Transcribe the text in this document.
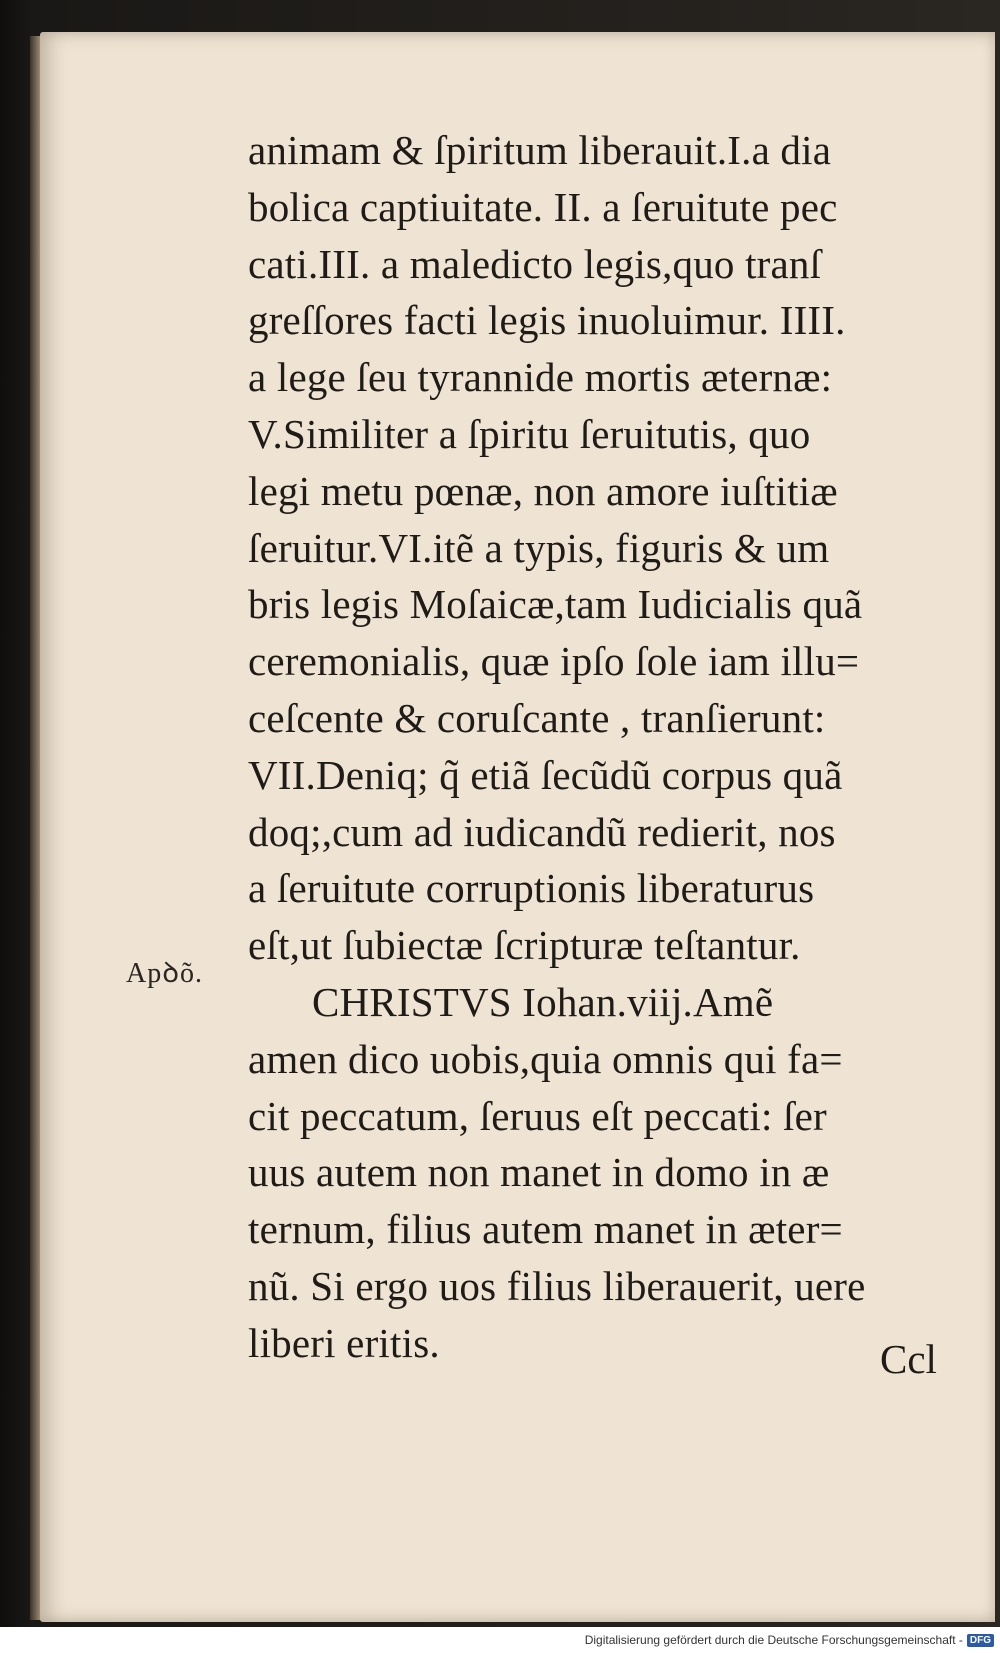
animam & ſpiritum liberauit.I.a dia
bolica captiuitate. II. a ſeruitute pec
cati.III. a maledicto legis,quo tranſ
greſſores facti legis inuoluimur. IIII.
a lege ſeu tyrannide mortis æternæ:
V.Similiter a ſpiritu ſeruitutis, quo
legi metu pœnæ, non amore iuſtitiæ
ſeruitur.VI.itẽ a typis, figuris & um
bris legis Moſaicæ,tam Iudicialis quã
ceremonialis, quæ ipſo ſole iam illu=
ceſcente & coruſcante , tranſierunt:
VII.Deniq; q̃ etiã ſecũdũ corpus quã
doq;,cum ad iudicandũ redierit, nos
a ſeruitute corruptionis liberaturus
eſt,ut ſubiectæ ſcripturæ teſtantur.
CHRISTVS Iohan.viij.Amẽ
amen dico uobis,quia omnis qui fa=
cit peccatum, ſeruus eſt peccati: ſer
uus autem non manet in domo in æ
ternum, filius autem manet in æter=
nũ. Si ergo uos filius liberauerit, uere
liberi eritis.
Apꝺõ.
Ccl
Digitalisierung gefördert durch die Deutsche Forschungsgemeinschaft - DFG
